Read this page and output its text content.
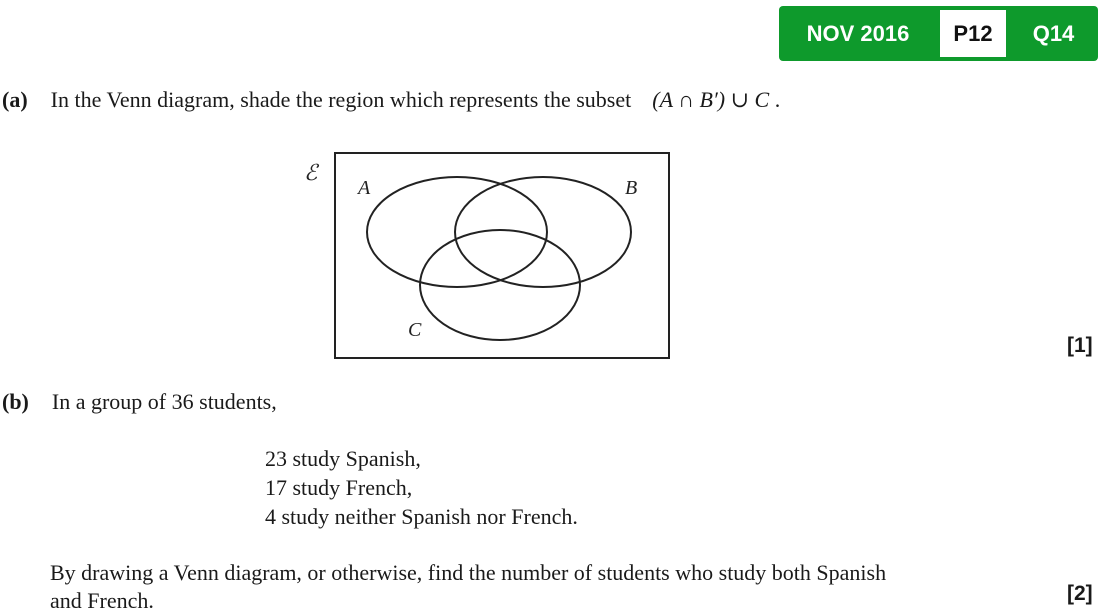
NOV 2016	P12	Q14
(a) In the Venn diagram, shade the region which represents the subset (A ∩ B′) ∪ C .
ℰ
A	B
C
[1]
(b) In a group of 36 students,
23 study Spanish,
17 study French,
4 study neither Spanish nor French.
By drawing a Venn diagram, or otherwise, find the number of students who study both Spanish
and French.	[2]
